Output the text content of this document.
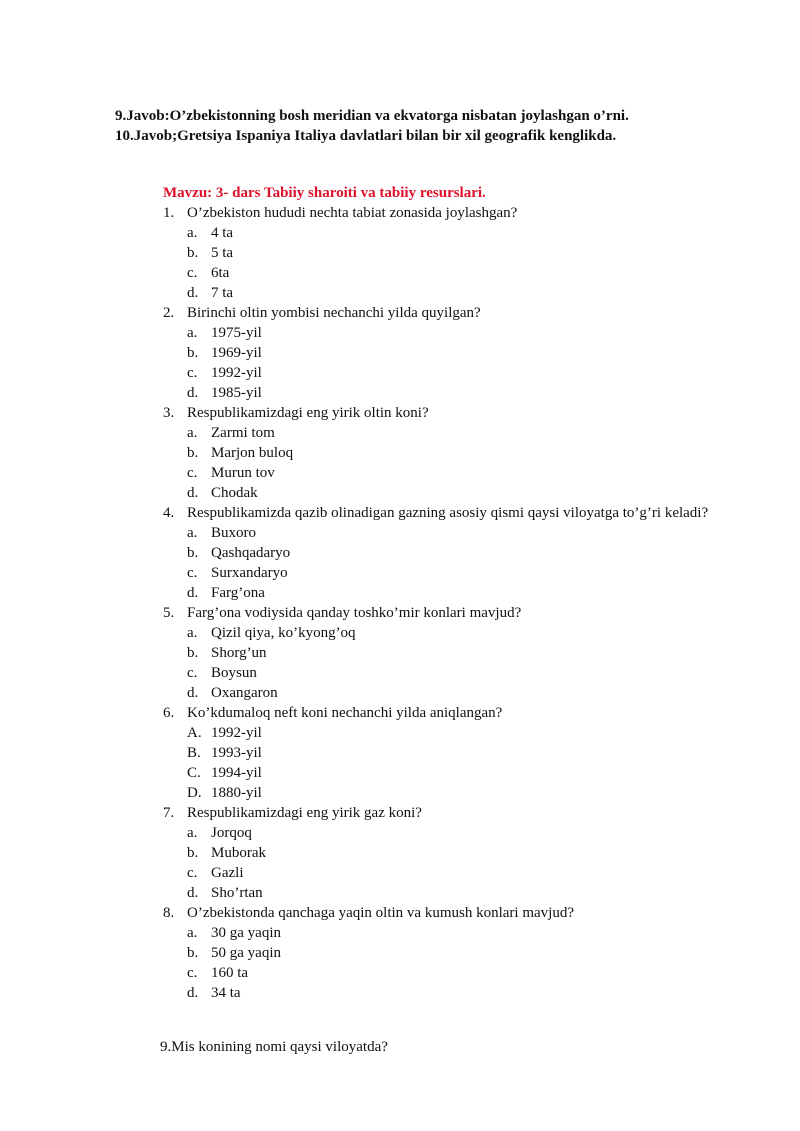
9.Javob:O’zbekistonning bosh meridian va ekvatorga nisbatan joylashgan o’rni.
10.Javob;Gretsiya Ispaniya Italiya davlatlari bilan bir xil geografik kenglikda.
Mavzu: 3- dars Tabiiy sharoiti va tabiiy resurslari.
1. O’zbekiston hududi nechta tabiat zonasida joylashgan?
a. 4 ta
b. 5 ta
c. 6ta
d. 7 ta
2. Birinchi oltin yombisi nechanchi yilda quyilgan?
a. 1975-yil
b. 1969-yil
c. 1992-yil
d. 1985-yil
3. Respublikamizdagi eng yirik oltin koni?
a. Zarmi tom
b. Marjon buloq
c. Murun tov
d. Chodak
4. Respublikamizda qazib olinadigan gazning asosiy qismi qaysi viloyatga to’g’ri keladi?
a. Buxoro
b. Qashqadaryo
c. Surxandaryo
d. Farg’ona
5. Farg’ona vodiysida qanday toshko’mir konlari mavjud?
a. Qizil qiya, ko’kyong’oq
b. Shorg’un
c. Boysun
d. Oxangaron
6. Ko’kdumaloq neft koni nechanchi yilda aniqlangan?
A. 1992-yil
B. 1993-yil
C. 1994-yil
D. 1880-yil
7. Respublikamizdagi eng yirik gaz koni?
a. Jorqoq
b. Muborak
c. Gazli
d. Sho’rtan
8. O’zbekistonda qanchaga yaqin oltin va kumush konlari mavjud?
a. 30 ga yaqin
b. 50 ga yaqin
c. 160 ta
d. 34 ta
9.Mis konining nomi qaysi viloyatda?
